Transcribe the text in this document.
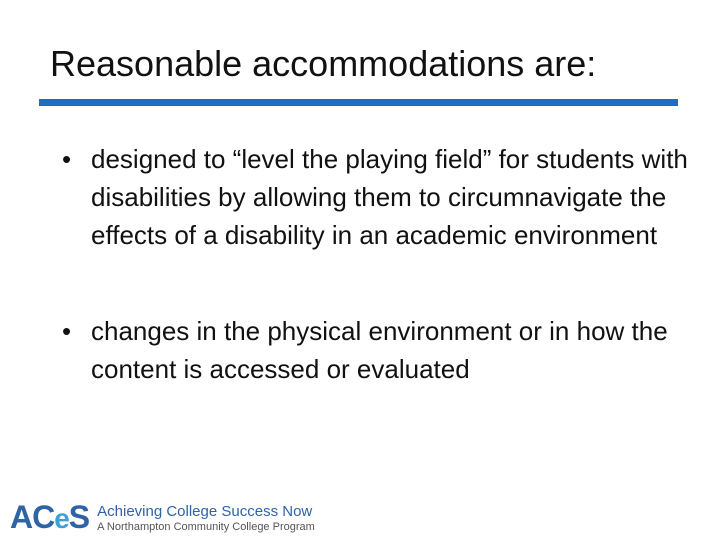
Reasonable accommodations are:
• designed to “level the playing field” for students with disabilities by allowing them to circumnavigate the effects of a disability in an academic environment
• changes in the physical environment or in how the content is accessed or evaluated
ACeS Achieving College Success Now
A Northampton Community College Program
